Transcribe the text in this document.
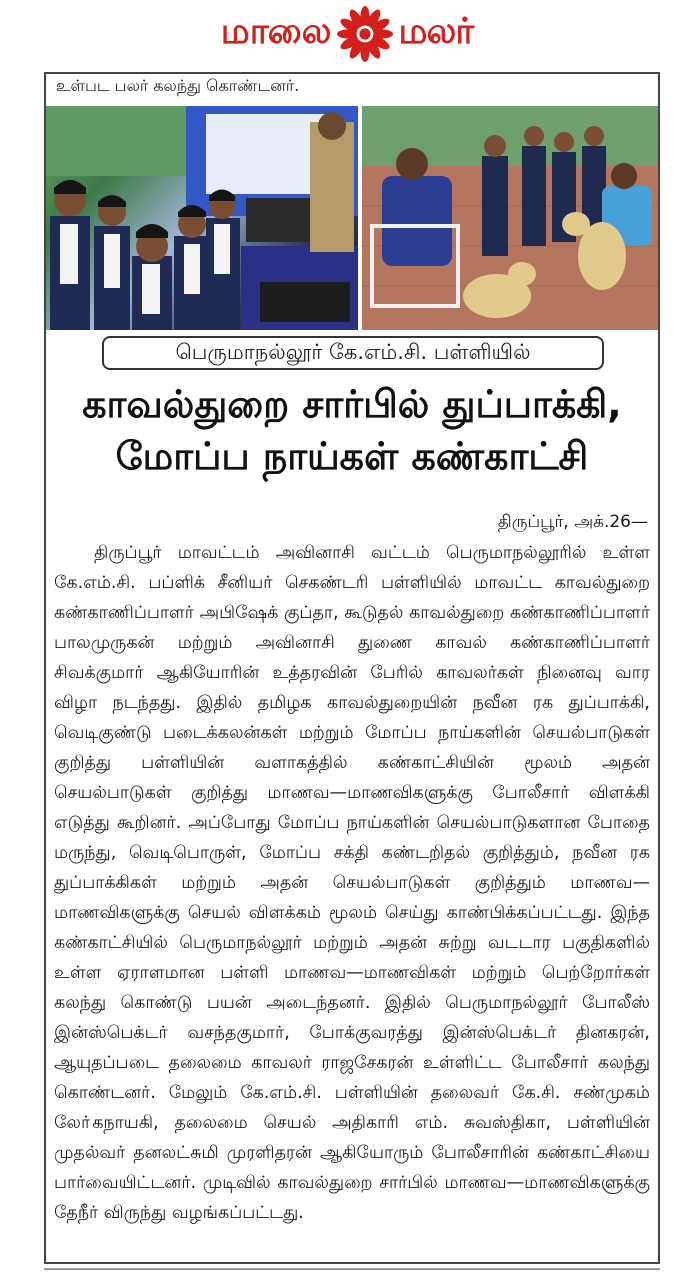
மாலை மலர்
உள்பட பலர் கலந்து கொண்டனர்.
பெருமாநல்லூர் கே.எம்.சி. பள்ளியில்
காவல்துறை சார்பில் துப்பாக்கி,
மோப்ப நாய்கள் கண்காட்சி
திருப்பூர், அக்.26—
திருப்பூர் மாவட்டம் அவினாசி வட்டம் பெருமாநல்லூரில் உள்ள கே.எம்.சி. பப்ளிக் சீனியர் செகண்டரி பள்ளியில் மாவட்ட காவல்துறை கண்காணிப்பாளர் அபிஷேக் குப்தா, கூடுதல் காவல்துறை கண்காணிப்பாளர் பாலமுருகன் மற்றும் அவினாசி துணை காவல் கண்காணிப்பாளர் சிவக்குமார் ஆகியோரின் உத்தரவின் பேரில் காவலர்கள் நினைவு வார விழா நடந்தது. இதில் தமிழக காவல்துறையின் நவீன ரக துப்பாக்கி, வெடிகுண்டு படைக்கலன்கள் மற்றும் மோப்ப நாய்களின் செயல்பாடுகள் குறித்து பள்ளியின் வளாகத்தில் கண்காட்சியின் மூலம் அதன் செயல்பாடுகள் குறித்து மாணவ—மாணவிகளுக்கு போலீசார் விளக்கி எடுத்து கூறினர். அப்போது மோப்ப நாய்களின் செயல்பாடுகளான போதை மருந்து, வெடிபொருள், மோப்ப சக்தி கண்டறிதல் குறித்தும், நவீன ரக துப்பாக்கிகள் மற்றும் அதன் செயல்பாடுகள் குறித்தும் மாணவ—மாணவிகளுக்கு செயல் விளக்கம் மூலம் செய்து காண்பிக்கப்பட்டது. இந்த கண்காட்சியில் பெருமாநல்லூர் மற்றும் அதன் சுற்று வடடார பகுதிகளில் உள்ள ஏராளமான பள்ளி மாணவ—மாணவிகள் மற்றும் பெற்றோர்கள் கலந்து கொண்டு பயன் அடைந்தனர். இதில் பெருமாநல்லூர் போலீஸ் இன்ஸ்பெக்டர் வசந்தகுமார், போக்குவரத்து இன்ஸ்பெக்டர் தினகரன், ஆயுதப்படை தலைமை காவலர் ராஜசேகரன் உள்ளிட்ட போலீசார் கலந்து கொண்டனர். மேலும் கே.எம்.சி. பள்ளியின் தலைவர் கே.சி. சண்முகம் லோ்கநாயகி, தலைமை செயல் அதிகாரி எம். சுவஸ்திகா, பள்ளியின் முதல்வர் தனலட்சுமி முரளிதரன் ஆகியோரும் போலீசாரின் கண்காட்சியை பார்வையிட்டனர். முடிவில் காவல்துறை சார்பில் மாணவ—மாணவிகளுக்கு தேநீர் விருந்து வழங்கப்பட்டது.
